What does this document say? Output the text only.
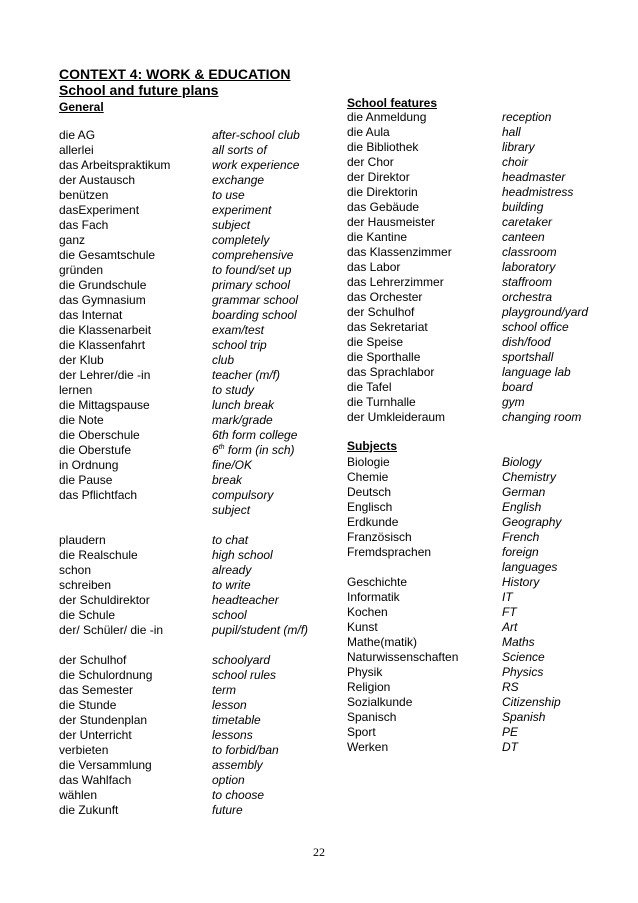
CONTEXT 4: WORK & EDUCATION
School and future plans
General
die AG	after-school club
allerlei	all sorts of
das Arbeitspraktikum	work experience
der Austausch	exchange
benützen	to use
dasExperiment	experiment
das Fach	subject
ganz	completely
die Gesamtschule	comprehensive
gründen	to found/set up
die Grundschule	primary school
das Gymnasium	grammar school
das Internat	boarding school
die Klassenarbeit	exam/test
die Klassenfahrt	school trip
der Klub	club
der Lehrer/die -in	teacher (m/f)
lernen	to study
die Mittagspause	lunch break
die Note	mark/grade
die Oberschule	6th form college
die Oberstufe	6th form (in sch)
in Ordnung	fine/OK
die Pause	break
das Pflichtfach	compulsory subject
plaudern	to chat
die Realschule	high school
schon	already
schreiben	to write
der Schuldirektor	headteacher
die Schule	school
der/ Schüler/ die -in	pupil/student (m/f)
der Schulhof	schoolyard
die Schulordnung	school rules
das Semester	term
die Stunde	lesson
der Stundenplan	timetable
der Unterricht	lessons
verbieten	to forbid/ban
die Versammlung	assembly
das Wahlfach	option
wählen	to choose
die Zukunft	future
School features
die Anmeldung	reception
die Aula	hall
die Bibliothek	library
der Chor	choir
der Direktor	headmaster
die Direktorin	headmistress
das Gebäude	building
der Hausmeister	caretaker
die Kantine	canteen
das Klassenzimmer	classroom
das Labor	laboratory
das Lehrerzimmer	staffroom
das Orchester	orchestra
der Schulhof	playground/yard
das Sekretariat	school office
die Speise	dish/food
die Sporthalle	sportshall
das Sprachlabor	language lab
die Tafel	board
die Turnhalle	gym
der Umkleideraum	changing room
Subjects
Biologie	Biology
Chemie	Chemistry
Deutsch	German
Englisch	English
Erdkunde	Geography
Französisch	French
Fremdsprachen	foreign languages
Geschichte	History
Informatik	IT
Kochen	FT
Kunst	Art
Mathe(matik)	Maths
Naturwissenschaften	Science
Physik	Physics
Religion	RS
Sozialkunde	Citizenship
Spanisch	Spanish
Sport	PE
Werken	DT
22
